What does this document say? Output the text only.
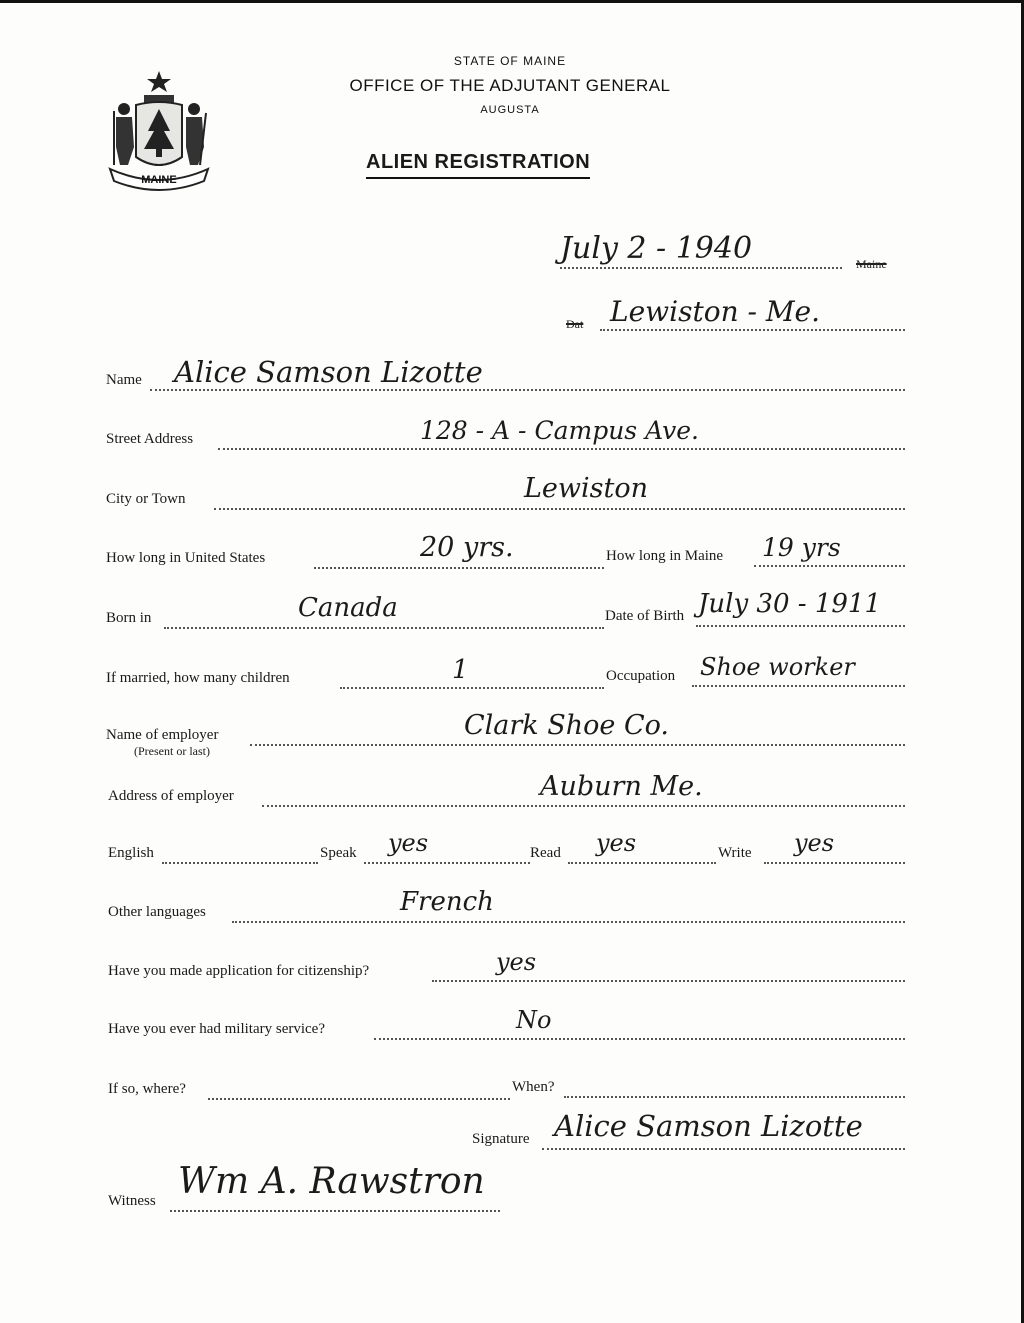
MAINE
STATE OF MAINE
OFFICE OF THE ADJUTANT GENERAL
AUGUSTA
ALIEN REGISTRATION
July 2 - 1940	Maine
Dat Lewiston - Me.
Name Alice Samson Lizotte
Street Address	128 - A - Campus Ave.
City or Town	Lewiston
How long in United States	20 yrs.	How long in Maine 19 yrs
Born in	Canada	Date of Birth July 30 - 1911
If married, how many children	1	Occupation Shoe worker
Name of employer
(Present or last)
Clark Shoe Co.
Address of employer	Auburn Me.
English	Speak yes	Read yes	Write yes
Other languages	French
Have you made application for citizenship?	yes
Have you ever had military service?	No
If so, where?	When?
Signature Alice Samson Lizotte
Witness Wm A. Rawstron
